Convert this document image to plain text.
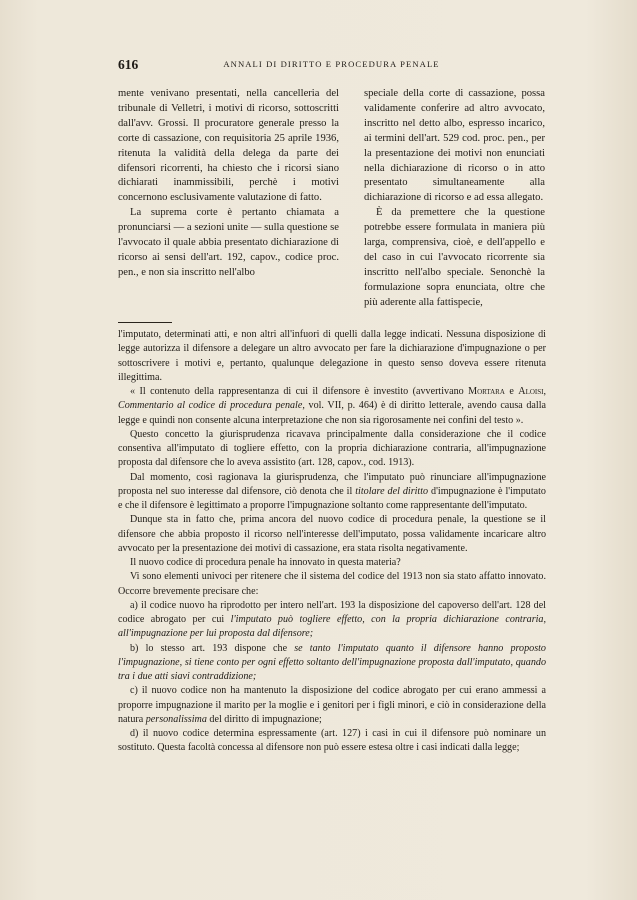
616	ANNALI DI DIRITTO E PROCEDURA PENALE

mente venivano presentati, nella cancelleria del tribunale di Velletri, i motivi di ricorso, sottoscritti dall'avv. Grossi. Il procuratore generale presso la corte di cassazione, con requisitoria 25 aprile 1936, ritenuta la validità della delega da parte dei difensori ricorrenti, ha chiesto che i ricorsi siano dichiarati inammissibili, perchè i motivi concernono esclusivamente valutazione di fatto.

La suprema corte è pertanto chiamata a pronunciarsi — a sezioni unite — sulla questione se l'avvocato il quale abbia presentato dichiarazione di ricorso ai sensi dell'art. 192, capov., codice proc. pen., e non sia inscritto nell'albo

speciale della corte di cassazione, possa validamente conferire ad altro avvocato, inscritto nel detto albo, espresso incarico, ai termini dell'art. 529 cod. proc. pen., per la presentazione dei motivi non enunciati nella dichiarazione di ricorso o in atto presentato simultaneamente alla dichiarazione di ricorso e ad essa allegato.

È da premettere che la questione potrebbe essere formulata in maniera più larga, comprensiva, cioè, e dell'appello e del caso in cui l'avvocato ricorrente sia inscritto nell'albo speciale. Senonchè la formulazione sopra enunciata, oltre che più aderente alla fattispecie,

l'imputato, determinati atti, e non altri all'infuori di quelli dalla legge indicati. Nessuna disposizione di legge autorizza il difensore a delegare un altro avvocato per fare la dichiarazione d'impugnazione o per sottoscrivere i motivi e, pertanto, qualunque delegazione in questo senso doveva essere ritenuta illegittima.

« Il contenuto della rappresentanza di cui il difensore è investito (avvertivano Mortara e Aloisi, Commentario al codice di procedura penale, vol. VII, p. 464) è di diritto letterale, avendo causa dalla legge e quindi non consente alcuna interpretazione che non sia rigorosamente nei confini del testo ».

Questo concetto la giurisprudenza ricavava principalmente dalla considerazione che il codice consentiva all'imputato di togliere effetto, con la propria dichiarazione contraria, all'impugnazione proposta dal difensore che lo aveva assistito (art. 128, capov., cod. 1913).

Dal momento, così ragionava la giurisprudenza, che l'imputato può rinunciare all'impugnazione proposta nel suo interesse dal difensore, ciò denota che il titolare del diritto d'impugnazione è l'imputato e che il difensore è legittimato a proporre l'impugnazione soltanto come rappresentante dell'imputato.

Dunque sta in fatto che, prima ancora del nuovo codice di procedura penale, la questione se il difensore che abbia proposto il ricorso nell'interesse dell'imputato, possa validamente incaricare altro avvocato per la presentazione dei motivi di cassazione, era stata risolta negativamente.

Il nuovo codice di procedura penale ha innovato in questa materia?

Vi sono elementi univoci per ritenere che il sistema del codice del 1913 non sia stato affatto innovato. Occorre brevemente precisare che:

a) il codice nuovo ha riprodotto per intero nell'art. 193 la disposizione del capoverso dell'art. 128 del codice abrogato per cui l'imputato può togliere effetto, con la propria dichiarazione contraria, all'impugnazione per lui proposta dal difensore;

b) lo stesso art. 193 dispone che se tanto l'imputato quanto il difensore hanno proposto l'impugnazione, si tiene conto per ogni effetto soltanto dell'impugnazione proposta dall'imputato, quando tra i due atti siavi contraddizione;

c) il nuovo codice non ha mantenuto la disposizione del codice abrogato per cui erano ammessi a proporre impugnazione il marito per la moglie e i genitori per i figli minori, e ciò in considerazione della natura personalissima del diritto di impugnazione;

d) il nuovo codice determina espressamente (art. 127) i casi in cui il difensore può nominare un sostituto. Questa facoltà concessa al difensore non può essere estesa oltre i casi indicati dalla legge;
